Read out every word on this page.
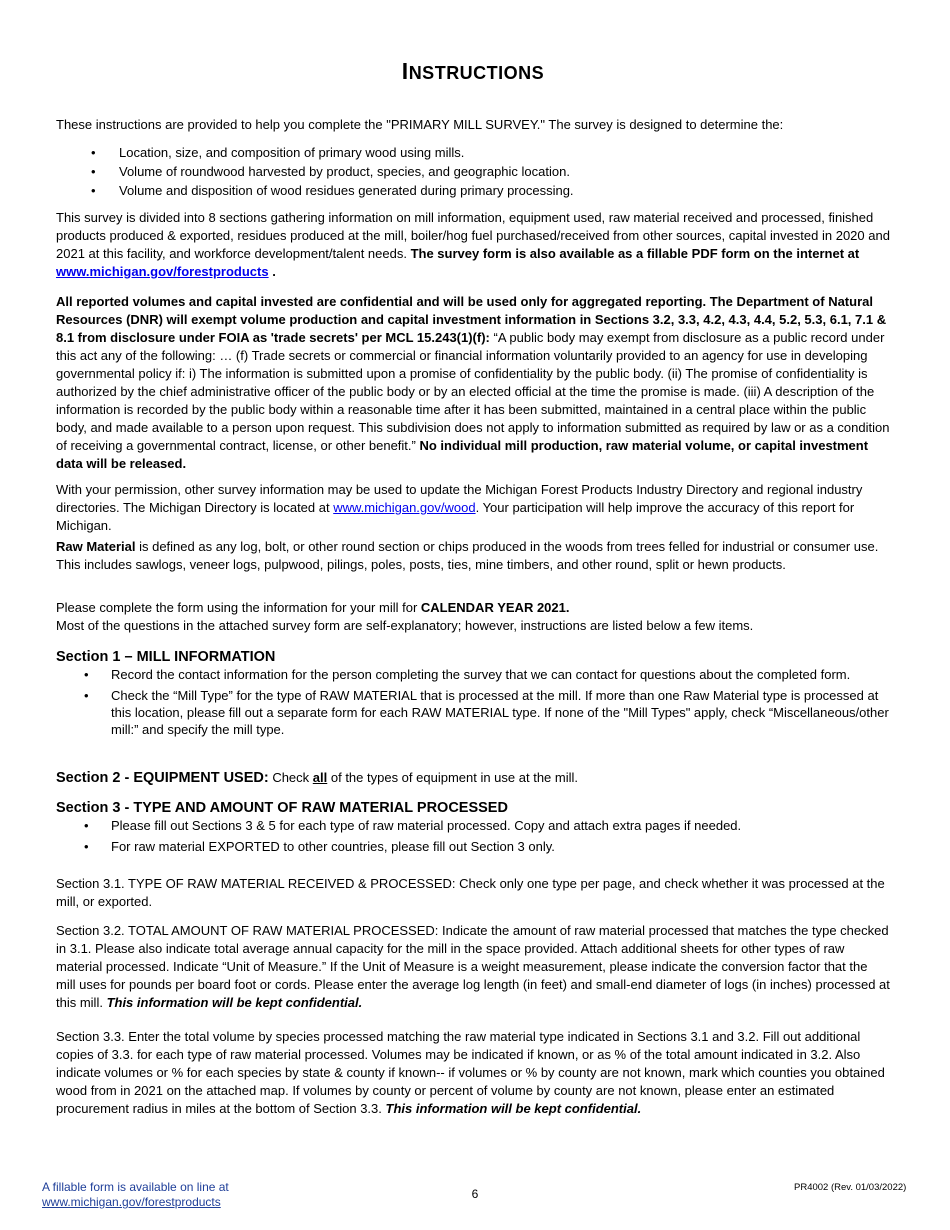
INSTRUCTIONS

These instructions are provided to help you complete the "PRIMARY MILL SURVEY." The survey is designed to determine the:

• Location, size, and composition of primary wood using mills.
• Volume of roundwood harvested by product, species, and geographic location.
• Volume and disposition of wood residues generated during primary processing.

This survey is divided into 8 sections gathering information on mill information, equipment used, raw material received and processed, finished products produced & exported, residues produced at the mill, boiler/hog fuel purchased/received from other sources, capital invested in 2020 and 2021 at this facility, and workforce development/talent needs. The survey form is also available as a fillable PDF form on the internet at www.michigan.gov/forestproducts .

All reported volumes and capital invested are confidential and will be used only for aggregated reporting. The Department of Natural Resources (DNR) will exempt volume production and capital investment information in Sections 3.2, 3.3, 4.2, 4.3, 4.4, 5.2, 5.3, 6.1, 7.1 & 8.1 from disclosure under FOIA as 'trade secrets' per MCL 15.243(1)(f): “A public body may exempt from disclosure as a public record under this act any of the following: … (f) Trade secrets or commercial or financial information voluntarily provided to an agency for use in developing governmental policy if: i) The information is submitted upon a promise of confidentiality by the public body. (ii) The promise of confidentiality is authorized by the chief administrative officer of the public body or by an elected official at the time the promise is made. (iii) A description of the information is recorded by the public body within a reasonable time after it has been submitted, maintained in a central place within the public body, and made available to a person upon request. This subdivision does not apply to information submitted as required by law or as a condition of receiving a governmental contract, license, or other benefit.” No individual mill production, raw material volume, or capital investment data will be released.

With your permission, other survey information may be used to update the Michigan Forest Products Industry Directory and regional industry directories. The Michigan Directory is located at www.michigan.gov/wood. Your participation will help improve the accuracy of this report for Michigan.

Raw Material is defined as any log, bolt, or other round section or chips produced in the woods from trees felled for industrial or consumer use. This includes sawlogs, veneer logs, pulpwood, pilings, poles, posts, ties, mine timbers, and other round, split or hewn products.

Please complete the form using the information for your mill for CALENDAR YEAR 2021.
Most of the questions in the attached survey form are self-explanatory; however, instructions are listed below a few items.

Section 1 – MILL INFORMATION

• Record the contact information for the person completing the survey that we can contact for questions about the completed form.
• Check the “Mill Type” for the type of RAW MATERIAL that is processed at the mill. If more than one Raw Material type is processed at this location, please fill out a separate form for each RAW MATERIAL type. If none of the "Mill Types" apply, check “Miscellaneous/other mill:” and specify the mill type.

Section 2 - EQUIPMENT USED: Check all of the types of equipment in use at the mill.

Section 3 - TYPE AND AMOUNT OF RAW MATERIAL PROCESSED

• Please fill out Sections 3 & 5 for each type of raw material processed. Copy and attach extra pages if needed.
• For raw material EXPORTED to other countries, please fill out Section 3 only.

Section 3.1. TYPE OF RAW MATERIAL RECEIVED & PROCESSED: Check only one type per page, and check whether it was processed at the mill, or exported.

Section 3.2. TOTAL AMOUNT OF RAW MATERIAL PROCESSED: Indicate the amount of raw material processed that matches the type checked in 3.1. Please also indicate total average annual capacity for the mill in the space provided. Attach additional sheets for other types of raw material processed. Indicate “Unit of Measure.” If the Unit of Measure is a weight measurement, please indicate the conversion factor that the mill uses for pounds per board foot or cords. Please enter the average log length (in feet) and small-end diameter of logs (in inches) processed at this mill. This information will be kept confidential.

Section 3.3. Enter the total volume by species processed matching the raw material type indicated in Sections 3.1 and 3.2. Fill out additional copies of 3.3. for each type of raw material processed. Volumes may be indicated if known, or as % of the total amount indicated in 3.2. Also indicate volumes or % for each species by state & county if known-- if volumes or % by county are not known, mark which counties you obtained wood from in 2021 on the attached map. If volumes by county or percent of volume by county are not known, please enter an estimated procurement radius in miles at the bottom of Section 3.3. This information will be kept confidential.

A fillable form is available on line at
www.michigan.gov/forestproducts
6	PR4002 (Rev. 01/03/2022)
